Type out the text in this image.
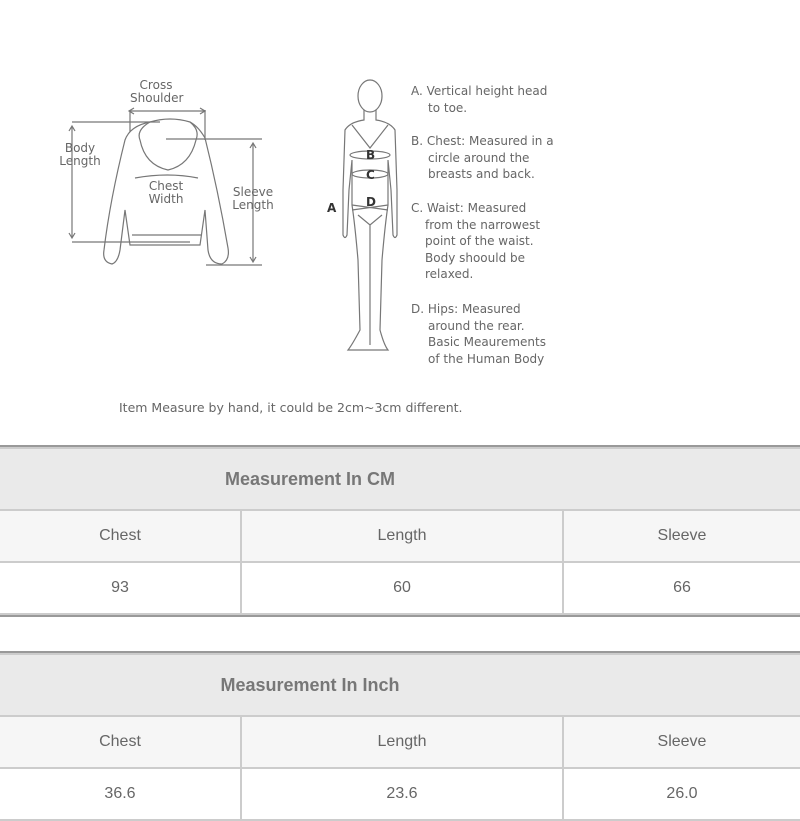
Cross
Shoulder
Body
Length
Chest
Width	Sleeve
Length	A
B
C
D
A. Vertical height head
to toe.
B. Chest: Measured in a
circle around the
breasts and back.
C. Waist: Measured
from the narrowest
point of the waist.
Body shoould be
relaxed.
D. Hips: Measured
around the rear.
Basic Meaurements
of the Human Body
Item Measure by hand, it could be 2cm~3cm different.
Measurement In CM		
Chest	Length	Sleeve
93	60	66
Measurement In Inch		
Chest	Length	Sleeve
36.6	23.6	26.0
